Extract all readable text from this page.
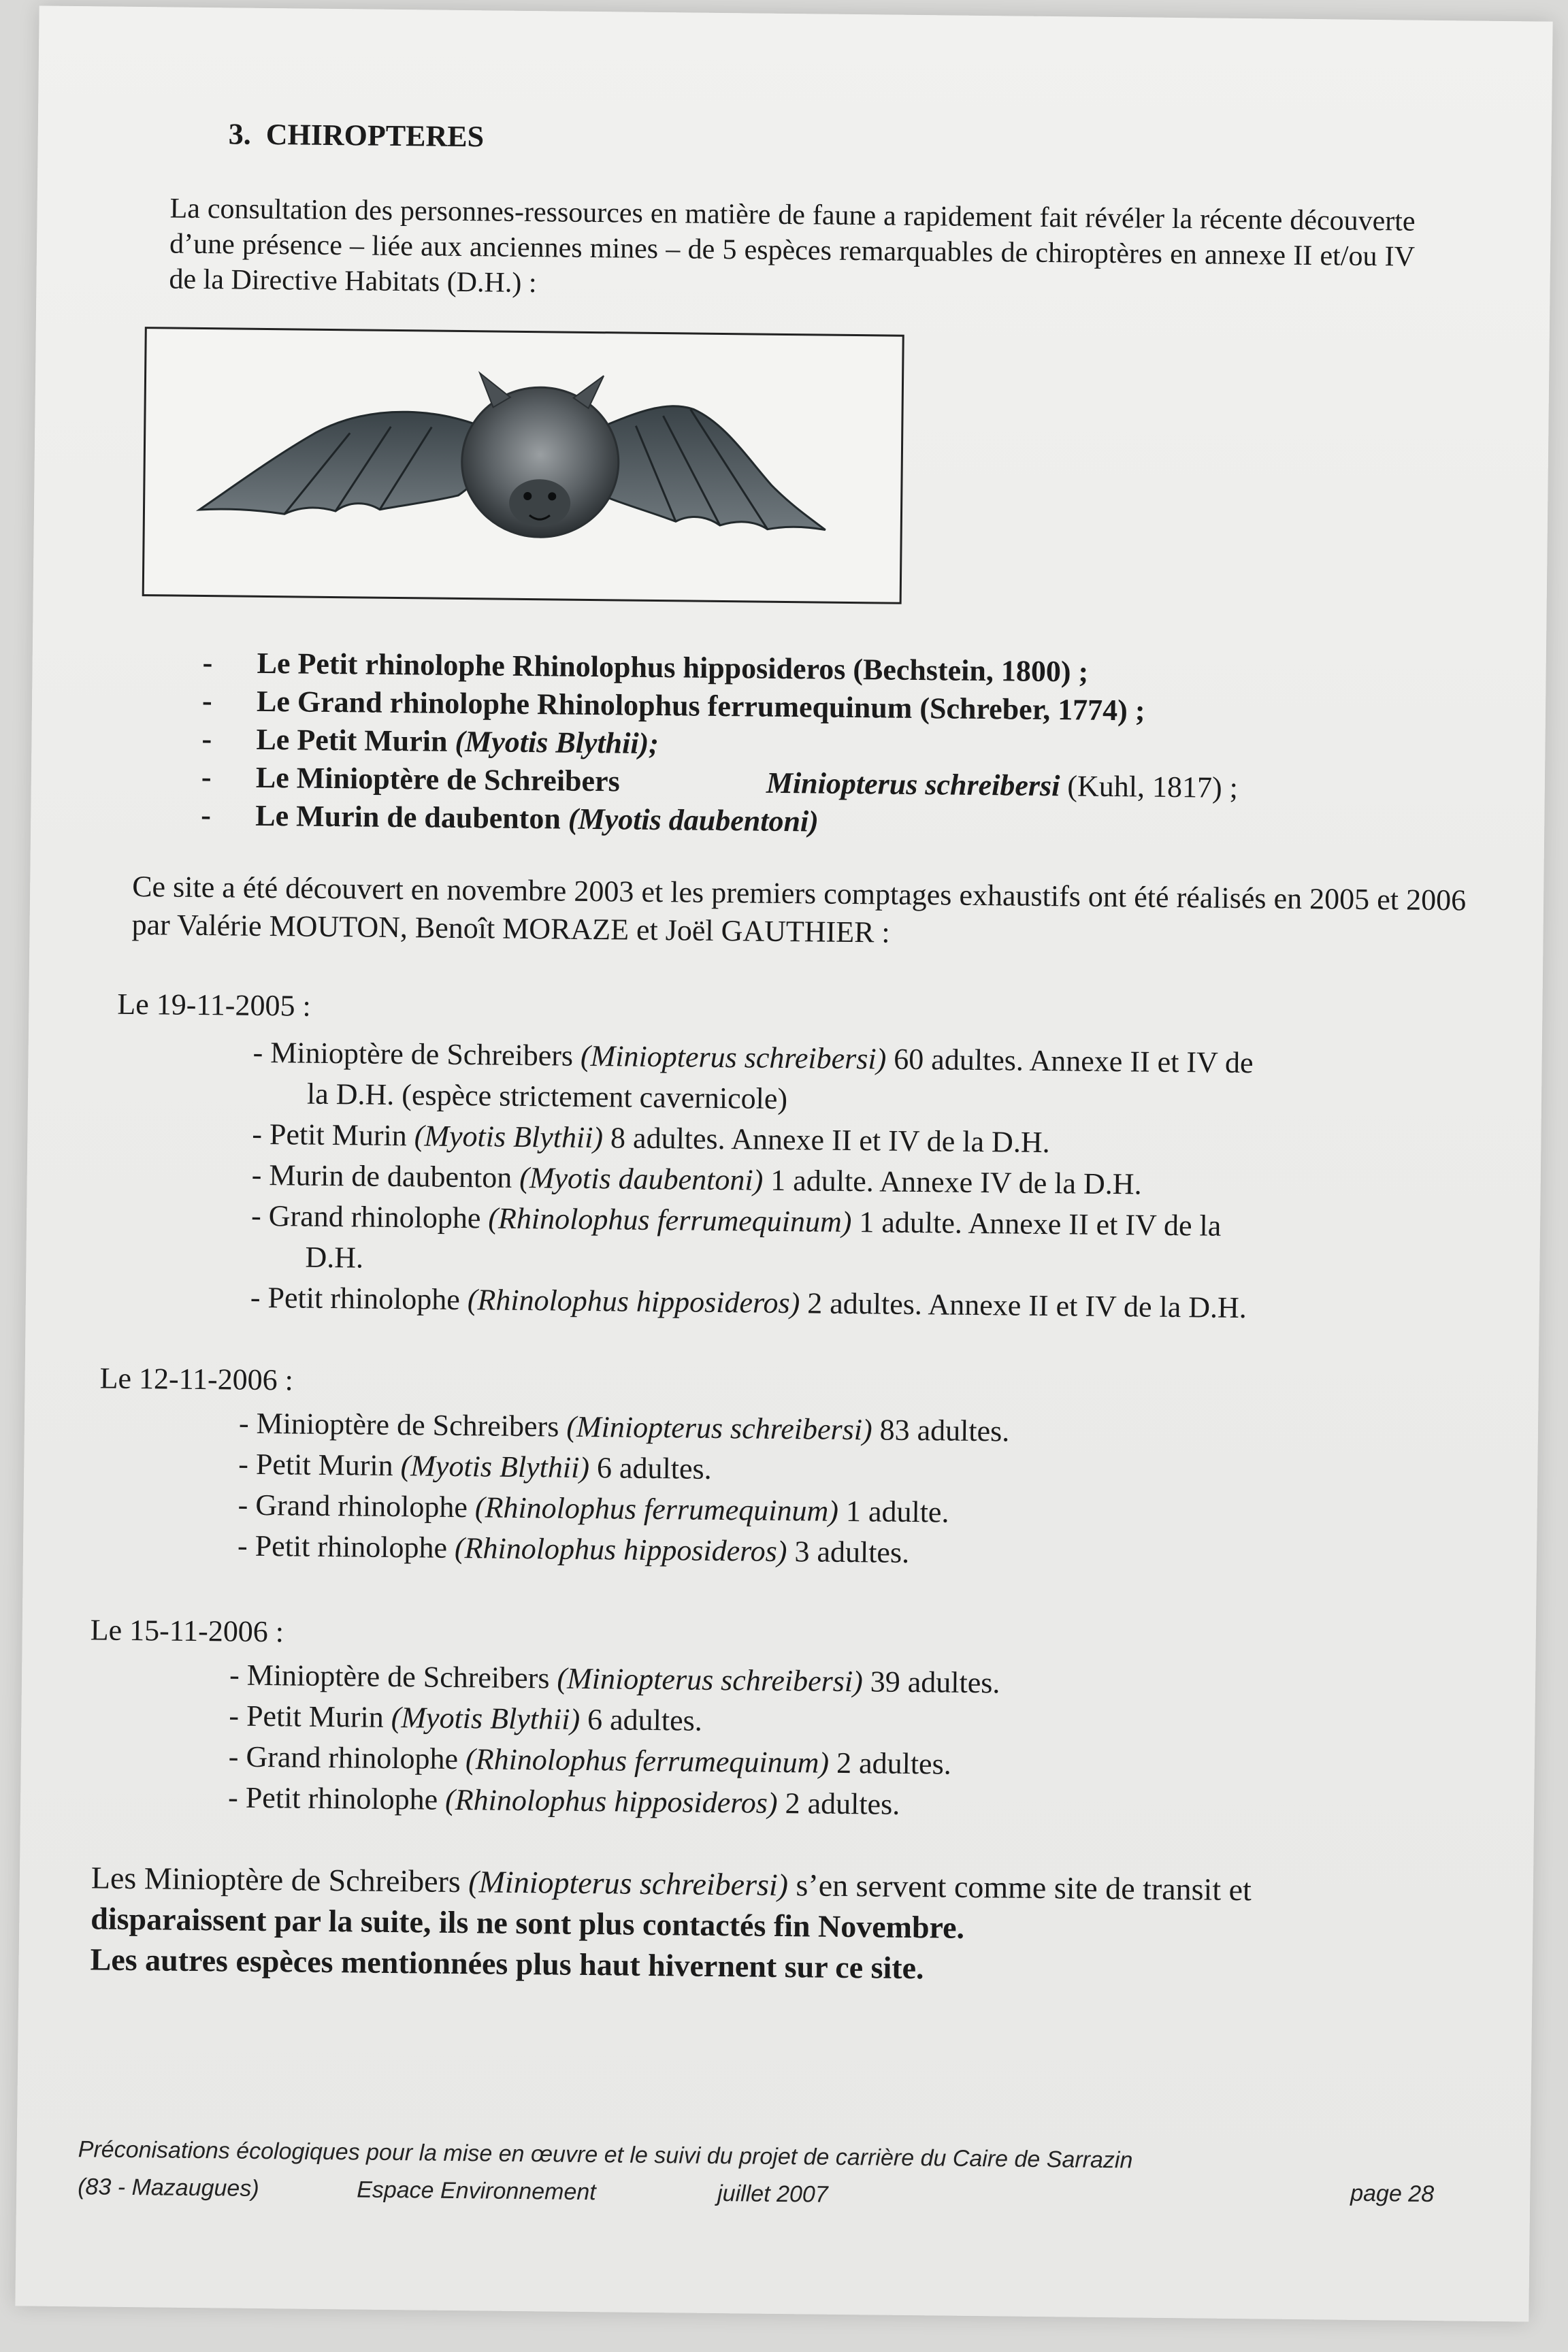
3. CHIROPTERES
La consultation des personnes-ressources en matière de faune a rapidement fait révéler la récente découverte d’une présence – liée aux anciennes mines – de 5 espèces remarquables de chiroptères en annexe II et/ou IV de la Directive Habitats (D.H.) :
- Le Petit rhinolophe Rhinolophus hipposideros (Bechstein, 1800) ;
- Le Grand rhinolophe Rhinolophus ferrumequinum (Schreber, 1774) ;
- Le Petit Murin (Myotis Blythii);
- Le Minioptère de Schreibers	Miniopterus schreibersi (Kuhl, 1817) ;
- Le Murin de daubenton (Myotis daubentoni)
Ce site a été découvert en novembre 2003 et les premiers comptages exhaustifs ont été réalisés en 2005 et 2006 par Valérie MOUTON, Benoît MORAZE et Joël GAUTHIER :
Le 19-11-2005 :
- Minioptère de Schreibers (Miniopterus schreibersi) 60 adultes. Annexe II et IV de
la D.H. (espèce strictement cavernicole)
- Petit Murin (Myotis Blythii) 8 adultes. Annexe II et IV de la D.H.
- Murin de daubenton (Myotis daubentoni) 1 adulte. Annexe IV de la D.H.
- Grand rhinolophe (Rhinolophus ferrumequinum) 1 adulte. Annexe II et IV de la
D.H.
- Petit rhinolophe (Rhinolophus hipposideros) 2 adultes. Annexe II et IV de la D.H.
Le 12-11-2006 :
- Minioptère de Schreibers (Miniopterus schreibersi) 83 adultes.
- Petit Murin (Myotis Blythii) 6 adultes.
- Grand rhinolophe (Rhinolophus ferrumequinum) 1 adulte.
- Petit rhinolophe (Rhinolophus hipposideros) 3 adultes.
Le 15-11-2006 :
- Minioptère de Schreibers (Miniopterus schreibersi) 39 adultes.
- Petit Murin (Myotis Blythii) 6 adultes.
- Grand rhinolophe (Rhinolophus ferrumequinum) 2 adultes.
- Petit rhinolophe (Rhinolophus hipposideros) 2 adultes.
Les Minioptère de Schreibers (Miniopterus schreibersi) s’en servent comme site de transit et
disparaissent par la suite, ils ne sont plus contactés fin Novembre.
Les autres espèces mentionnées plus haut hivernent sur ce site.
Préconisations écologiques pour la mise en œuvre et le suivi du projet de carrière du Caire de Sarrazin
(83 - Mazaugues)	Espace Environnement	juillet 2007	page 28
